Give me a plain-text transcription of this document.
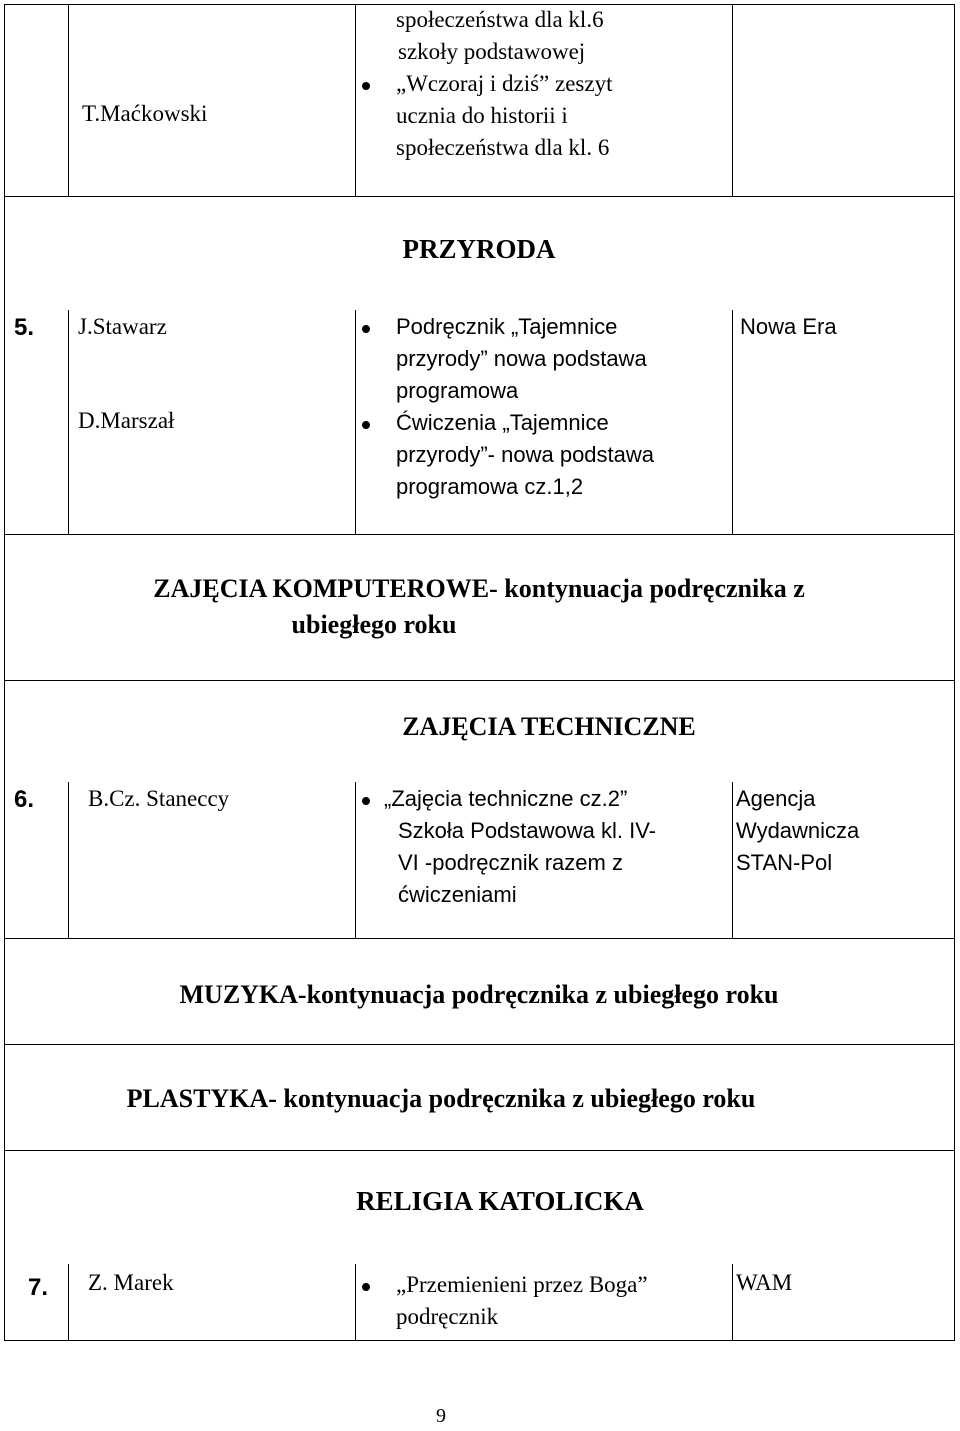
T.Maćkowski
społeczeństwa dla kl.6
szkoły podstawowej
„Wczoraj i dziś” zeszyt
ucznia do historii i
społeczeństwa dla kl. 6
PRZYRODA
5. J.Stawarz
D.Marszał
Podręcznik „Tajemnice
przyrody” nowa podstawa
programowa
Ćwiczenia „Tajemnice
przyrody”- nowa podstawa
programowa cz.1,2
Nowa Era
ZAJĘCIA KOMPUTEROWE- kontynuacja podręcznika z
ubiegłego roku
ZAJĘCIA TECHNICZNE
6. B.Cz. Staneccy	„Zajęcia techniczne cz.2”
Szkoła Podstawowa kl. IV-
VI -podręcznik razem z
ćwiczeniami
Agencja
Wydawnicza
STAN-Pol
MUZYKA-kontynuacja podręcznika z ubiegłego roku
PLASTYKA- kontynuacja podręcznika z ubiegłego roku
RELIGIA KATOLICKA
7. Z. Marek	„Przemienieni przez Boga”
podręcznik
WAM
9
